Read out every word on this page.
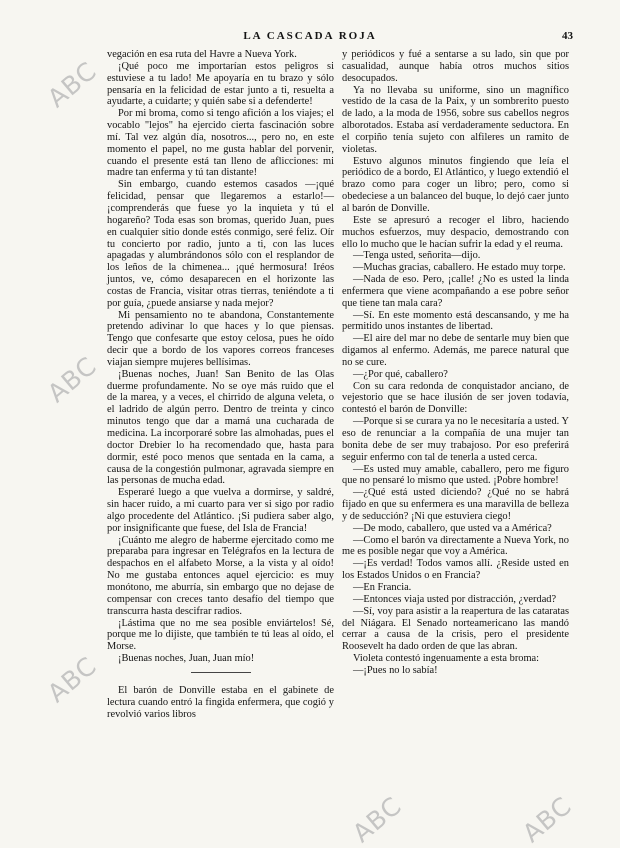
LA CASCADA ROJA	43
ABC
ABC
ABC
ABC	ABC

vegación en esa ruta del Havre a Nueva York.

¡Qué poco me importarían estos peligros si estuviese a tu lado! Me apoyaría en tu brazo y sólo pensaría en la felicidad de estar junto a ti, resuelta a ayudarte, a cuidarte; y quién sabe si a defenderte!

Por mi broma, como si tengo afición a los viajes; el vocablo "lejos" ha ejercido cierta fascinación sobre mí. Tal vez algún día, nosotros..., pero no, en este momento el papel, no me gusta hablar del porvenir, cuando el presente está tan lleno de aflicciones: mi madre tan enferma y tú tan distante!

Sin embargo, cuando estemos casados —¡qué felicidad, pensar que llegaremos a estarlo!—¡comprenderás que fuese yo la inquieta y tú el hogareño? Toda esas son bromas, querido Juan, pues en cualquier sitio donde estés conmigo, seré feliz. Oír tu concierto por radio, junto a ti, con las luces apagadas y alumbrándonos sólo con el resplandor de los leños de la chimenea... ¡qué hermosura! Iréos juntos, ve, cómo desaparecen en el horizonte las costas de Francia, visitar otras tierras, teniéndote a ti por guía, ¿puede ansiarse y nada mejor?

Mi pensamiento no te abandona, Constantemente pretendo adivinar lo que haces y lo que piensas. Tengo que confesarte que estoy celosa, pues he oído decir que a bordo de los vapores correos franceses viajan siempre mujeres bellísimas.

¡Buenas noches, Juan! San Benito de las Olas duerme profundamente. No se oye más ruido que el de la marea, y a veces, el chirrido de alguna veleta, o el ladrido de algún perro. Dentro de treinta y cinco minutos tengo que dar a mamá una cucharada de medicina. La incorporaré sobre las almohadas, pues el doctor Drebier lo ha recomendado que, hasta para dormir, esté poco menos que sentada en la cama, a causa de la congestión pulmonar, agravada siempre en las personas de mucha edad.

Esperaré luego a que vuelva a dormirse, y saldré, sin hacer ruido, a mi cuarto para ver si sigo por radio algo procedente del Atlántico. ¡Si pudiera saber algo, por insignificante que fuese, del Isla de Francia!

¡Cuánto me alegro de haberme ejercitado como me preparaba para ingresar en Telégrafos en la lectura de despachos en el alfabeto Morse, a la vista y al oído! No me gustaba entonces aquel ejercicio: es muy monótono, me aburría, sin embargo que no dejase de compensar con creces tanto desafío del tiempo que transcurra hasta descifrar radios.

¡Lástima que no me sea posible enviártelos! Sé, porque me lo dijiste, que también te tú leas al oído, el Morse.

¡Buenas noches, Juan, Juan mío!

El barón de Donville estaba en el gabinete de lectura cuando entró la fingida enfermera, que cogió y revolvió varios libros

y periódicos y fué a sentarse a su lado, sin que por casualidad, aunque había otros muchos sitios desocupados.

Ya no llevaba su uniforme, sino un magnífico vestido de la casa de la Paix, y un sombrerito puesto de lado, a la moda de 1956, sobre sus cabellos negros alborotados. Estaba así verdaderamente seductora. En el corpiño tenía sujeto con alfileres un ramito de violetas.

Estuvo algunos minutos fingiendo que leía el periódico de a bordo, El Atlántico, y luego extendió el brazo como para coger un libro; pero, como si obedeciese a un balanceo del buque, lo dejó caer junto al barón de Donville.

Este se apresuró a recoger el libro, haciendo muchos esfuerzos, muy despacio, demostrando con ello lo mucho que le hacían sufrir la edad y el reuma.

—Tenga usted, señorita—dijo.

—Muchas gracias, caballero. He estado muy torpe.

—Nada de eso. Pero, ¡calle! ¿No es usted la linda enfermera que viene acompañando a ese pobre señor que tiene tan mala cara?

—Sí. En este momento está descansando, y me ha permitido unos instantes de libertad.

—El aire del mar no debe de sentarle muy bien que digamos al enfermo. Además, me parece natural que no se cure.

—¿Por qué, caballero?

Con su cara redonda de conquistador anciano, de vejestorio que se hace ilusión de ser joven todavía, contestó el barón de Donville:

—Porque si se curara ya no le necesitaría a usted. Y eso de renunciar a la compañía de una mujer tan bonita debe de ser muy trabajoso. Por eso preferirá seguir enfermo con tal de tenerla a usted cerca.

—Es usted muy amable, caballero, pero me figuro que no pensaré lo mismo que usted. ¡Pobre hombre!

—¿Qué está usted diciendo? ¿Qué no se habrá fijado en que su enfermera es una maravilla de belleza y de seducción? ¡Ni que estuviera ciego!

—De modo, caballero, que usted va a América?

—Como el barón va directamente a Nueva York, no me es posible negar que voy a América.

—¡Es verdad! Todos vamos allí. ¿Reside usted en los Estados Unidos o en Francia?

—En Francia.

—Entonces viaja usted por distracción, ¿verdad?

—Sí, voy para asistir a la reapertura de las cataratas del Niágara. El Senado norteamericano las mandó cerrar a causa de la crisis, pero el presidente Roosevelt ha dado orden de que las abran.

Violeta contestó ingenuamente a esta broma:

—¡Pues no lo sabía!
